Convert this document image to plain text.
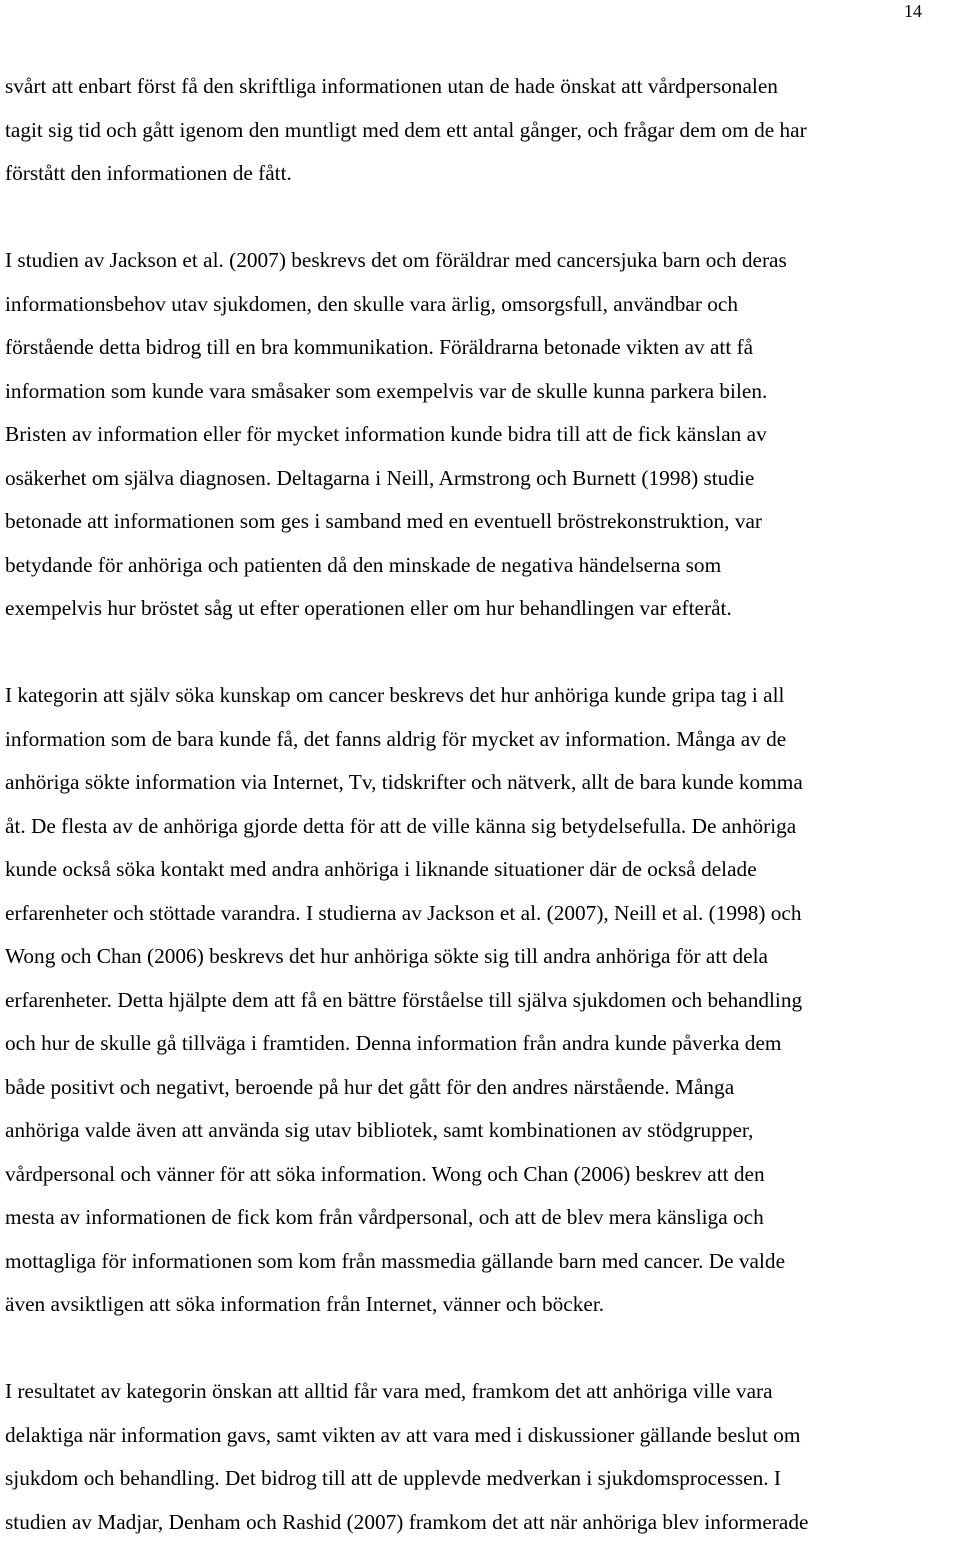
14

svårt att enbart först få den skriftliga informationen utan de hade önskat att vårdpersonalen
tagit sig tid och gått igenom den muntligt med dem ett antal gånger, och frågar dem om de har
förstått den informationen de fått.

I studien av Jackson et al. (2007) beskrevs det om föräldrar med cancersjuka barn och deras
informationsbehov utav sjukdomen, den skulle vara ärlig, omsorgsfull, användbar och
förstående detta bidrog till en bra kommunikation. Föräldrarna betonade vikten av att få
information som kunde vara småsaker som exempelvis var de skulle kunna parkera bilen.
Bristen av information eller för mycket information kunde bidra till att de fick känslan av
osäkerhet om själva diagnosen. Deltagarna i Neill, Armstrong och Burnett (1998) studie
betonade att informationen som ges i samband med en eventuell bröstrekonstruktion, var
betydande för anhöriga och patienten då den minskade de negativa händelserna som
exempelvis hur bröstet såg ut efter operationen eller om hur behandlingen var efteråt.

I kategorin att själv söka kunskap om cancer beskrevs det hur anhöriga kunde gripa tag i all
information som de bara kunde få, det fanns aldrig för mycket av information. Många av de
anhöriga sökte information via Internet, Tv, tidskrifter och nätverk, allt de bara kunde komma
åt. De flesta av de anhöriga gjorde detta för att de ville känna sig betydelsefulla. De anhöriga
kunde också söka kontakt med andra anhöriga i liknande situationer där de också delade
erfarenheter och stöttade varandra. I studierna av Jackson et al. (2007), Neill et al. (1998) och
Wong och Chan (2006) beskrevs det hur anhöriga sökte sig till andra anhöriga för att dela
erfarenheter. Detta hjälpte dem att få en bättre förståelse till själva sjukdomen och behandling
och hur de skulle gå tillväga i framtiden. Denna information från andra kunde påverka dem
både positivt och negativt, beroende på hur det gått för den andres närstående. Många
anhöriga valde även att använda sig utav bibliotek, samt kombinationen av stödgrupper,
vårdpersonal och vänner för att söka information. Wong och Chan (2006) beskrev att den
mesta av informationen de fick kom från vårdpersonal, och att de blev mera känsliga och
mottagliga för informationen som kom från massmedia gällande barn med cancer. De valde
även avsiktligen att söka information från Internet, vänner och böcker.

I resultatet av kategorin önskan att alltid får vara med, framkom det att anhöriga ville vara
delaktiga när information gavs, samt vikten av att vara med i diskussioner gällande beslut om
sjukdom och behandling. Det bidrog till att de upplevde medverkan i sjukdomsprocessen. I
studien av Madjar, Denham och Rashid (2007) framkom det att när anhöriga blev informerade
